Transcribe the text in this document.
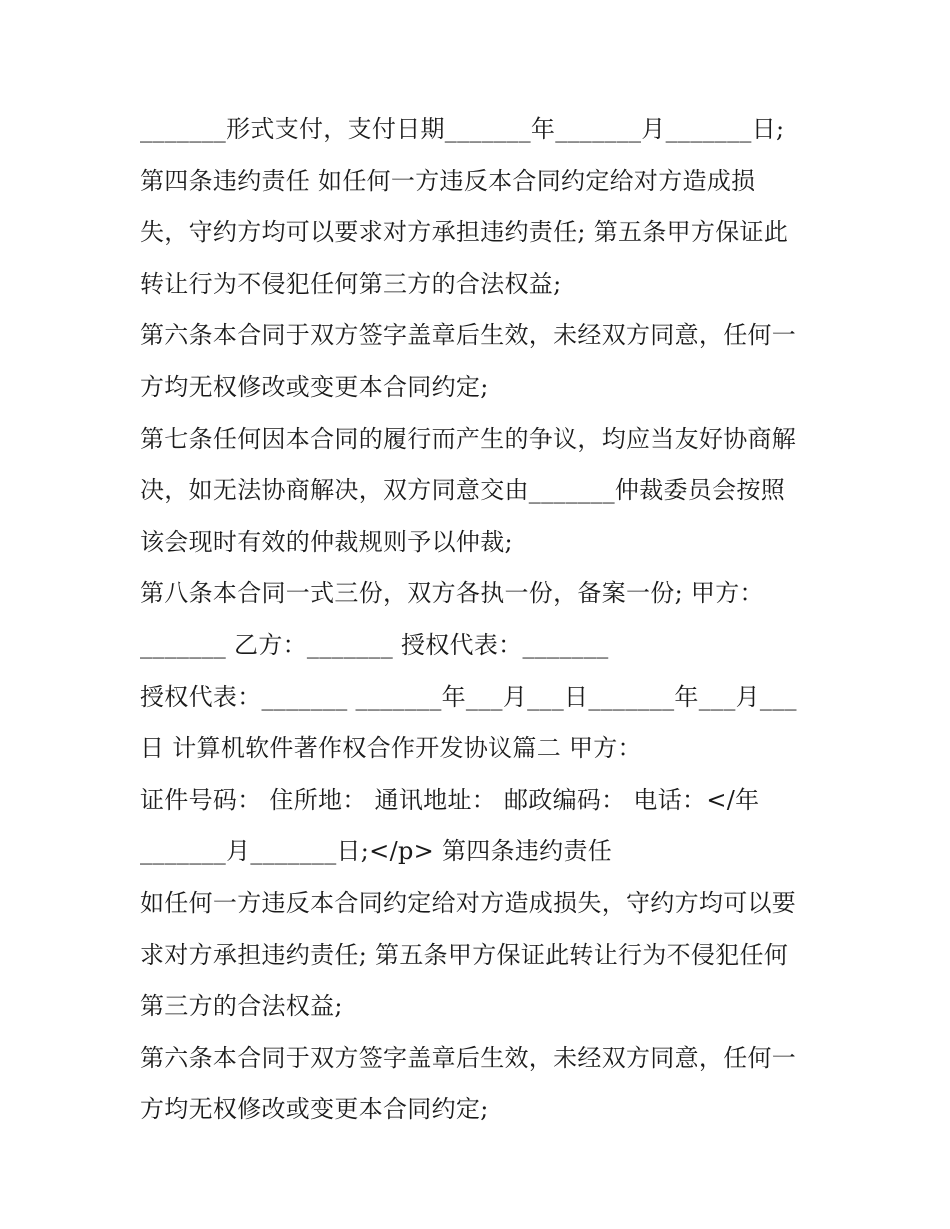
_______形式支付，支付日期_______年_______月_______日;
第四条违约责任 如任何一方违反本合同约定给对方造成损
失，守约方均可以要求对方承担违约责任; 第五条甲方保证此
转让行为不侵犯任何第三方的合法权益;
第六条本合同于双方签字盖章后生效，未经双方同意，任何一
方均无权修改或变更本合同约定;
第七条任何因本合同的履行而产生的争议，均应当友好协商解
决，如无法协商解决，双方同意交由_______仲裁委员会按照
该会现时有效的仲裁规则予以仲裁;
第八条本合同一式三份，双方各执一份，备案一份; 甲方：
_______ 乙方：_______ 授权代表：_______
授权代表：_______ _______年___月___日_______年___月___
日 计算机软件著作权合作开发协议篇二 甲方：
证件号码： 住所地： 通讯地址： 邮政编码： 电话：</年
_______月_______日;</p> 第四条违约责任
如任何一方违反本合同约定给对方造成损失，守约方均可以要
求对方承担违约责任; 第五条甲方保证此转让行为不侵犯任何
第三方的合法权益;
第六条本合同于双方签字盖章后生效，未经双方同意，任何一
方均无权修改或变更本合同约定;
